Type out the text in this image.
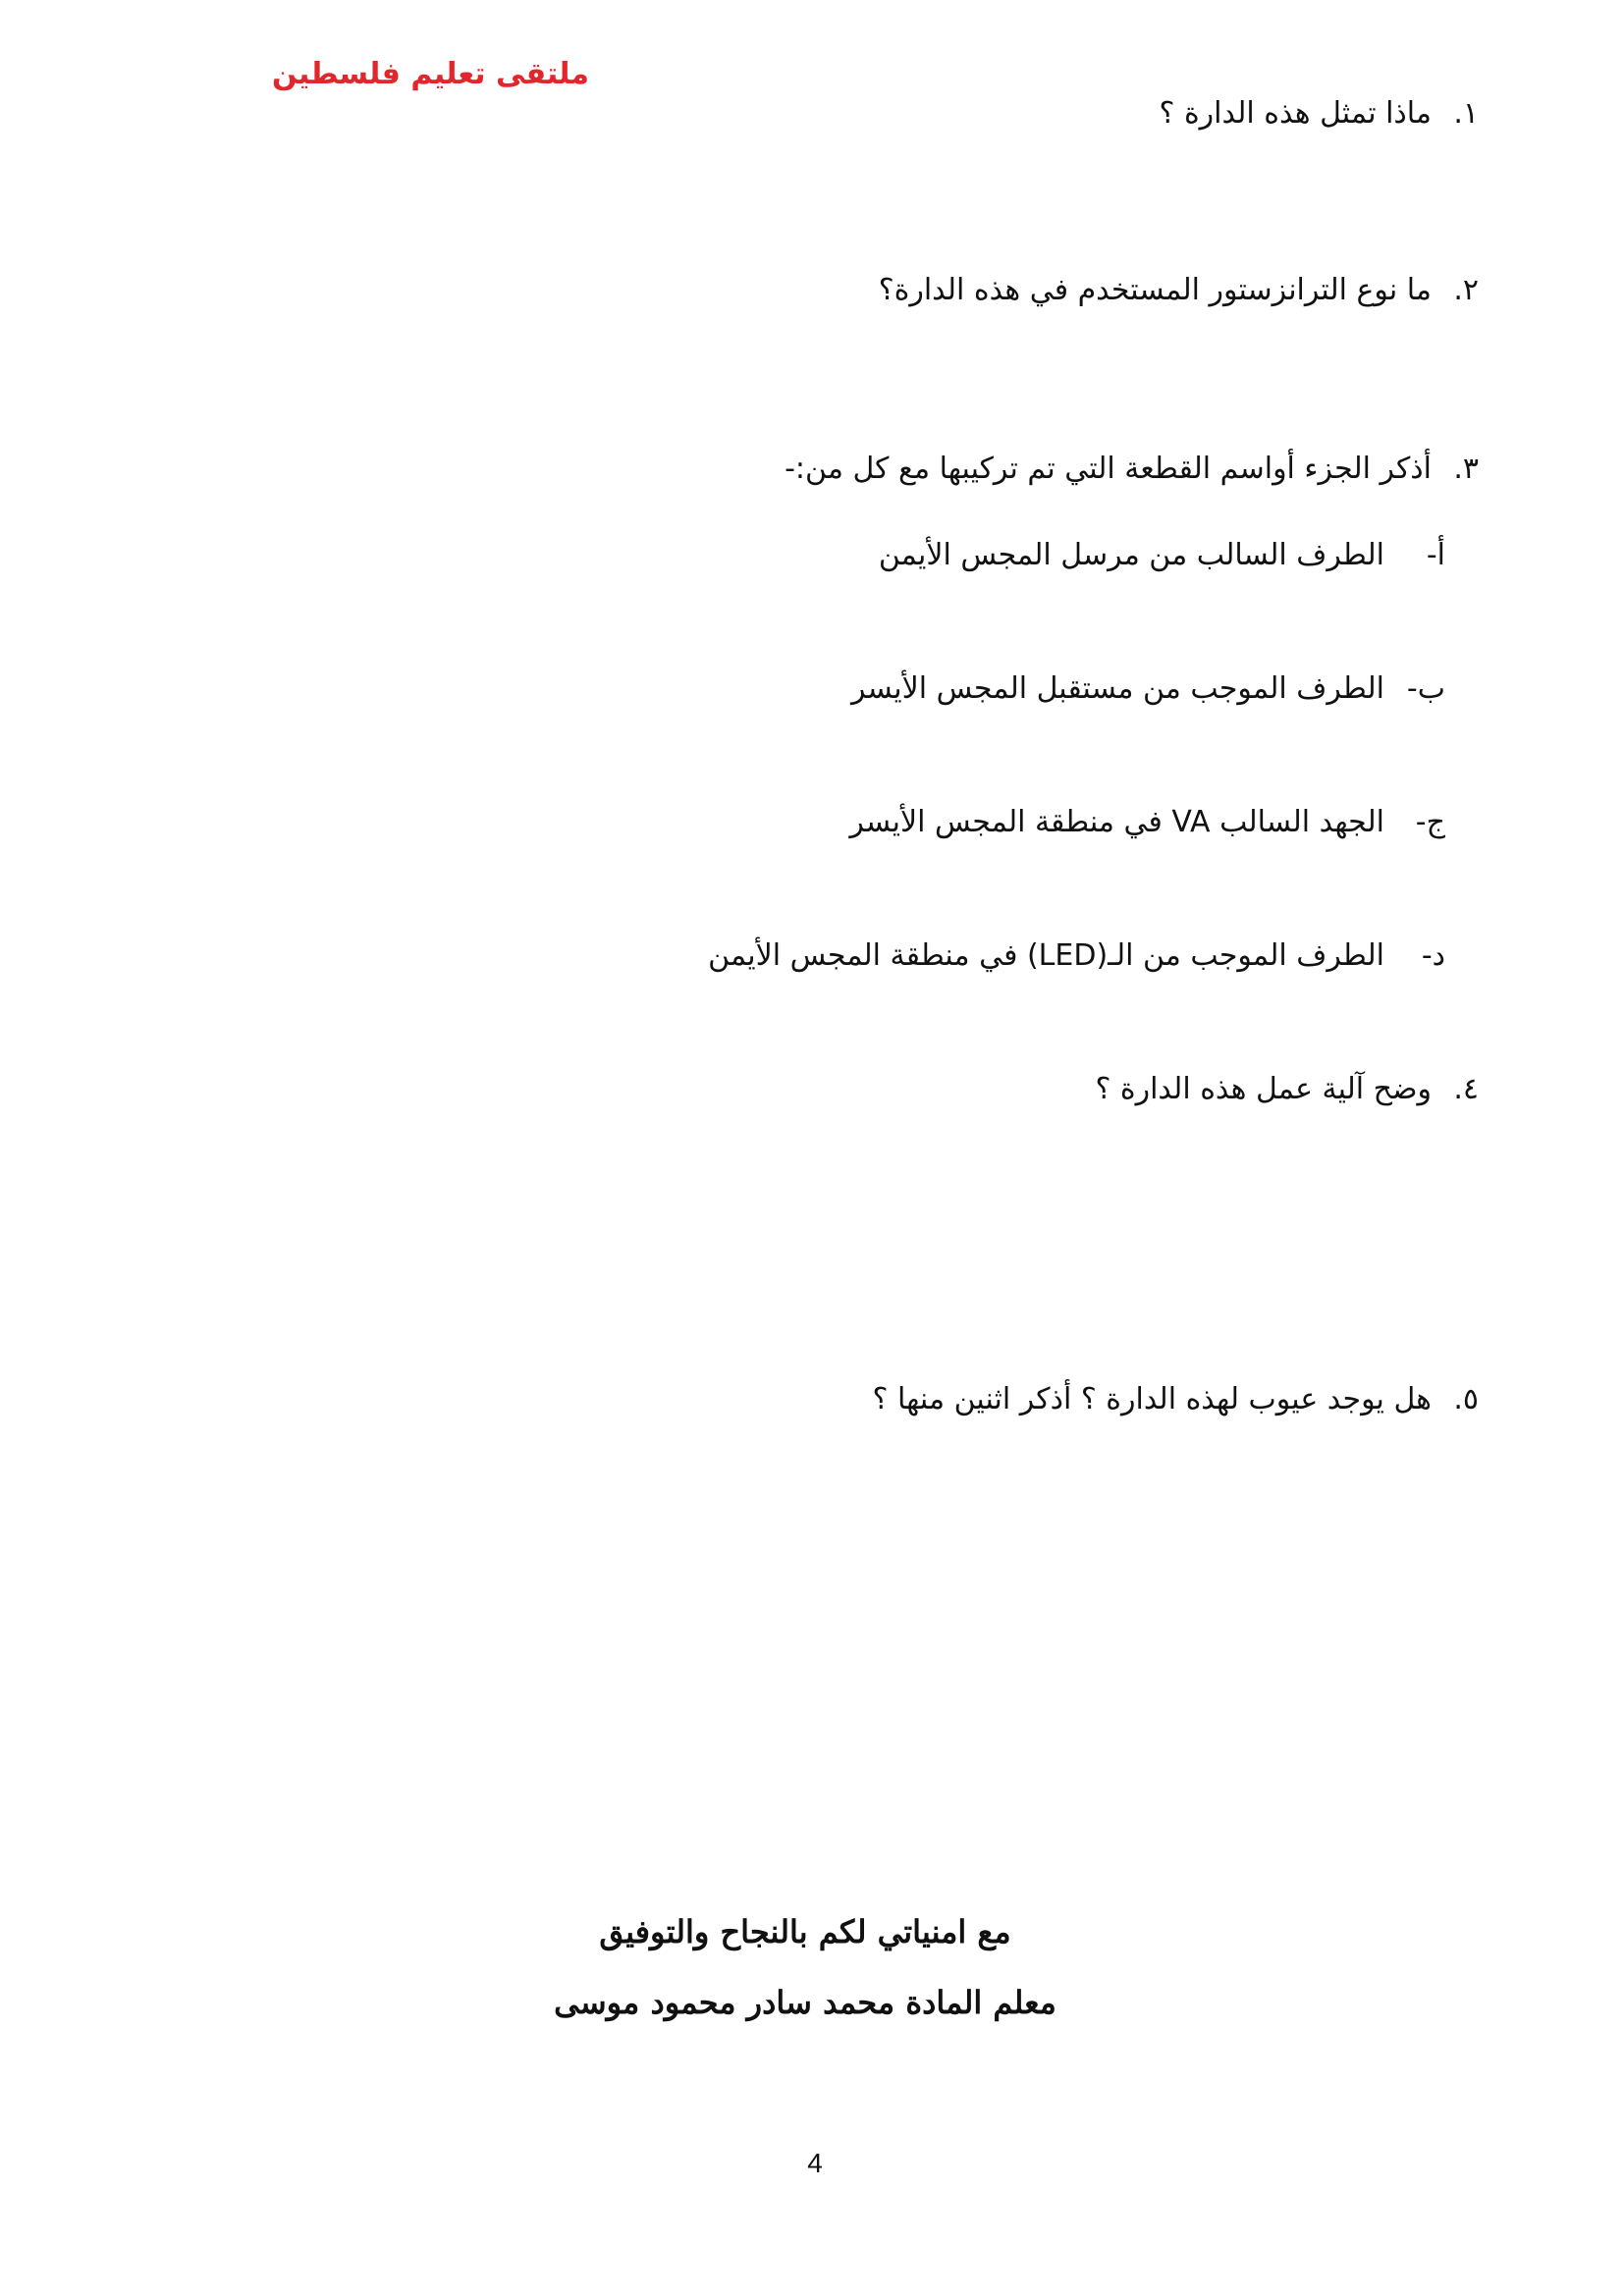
ملتقى تعليم فلسطين
١.ماذا تمثل هذه الدارة ؟
٢.ما نوع الترانزستور المستخدم في هذه الدارة؟
٣.أذكر الجزء أواسم القطعة التي تم تركيبها مع كل من:-
أ-الطرف السالب من مرسل المجس الأيمن
ب-الطرف الموجب من مستقبل المجس الأيسر
ج-الجهد السالب VA في منطقة المجس الأيسر
د-الطرف الموجب من الـ(LED) في منطقة المجس الأيمن
٤.وضح آلية عمل هذه الدارة ؟
٥.هل يوجد عيوب لهذه الدارة ؟ أذكر اثنين منها ؟
مع امنياتي لكم بالنجاح والتوفيق
معلم المادة محمد سادر محمود موسى
4
